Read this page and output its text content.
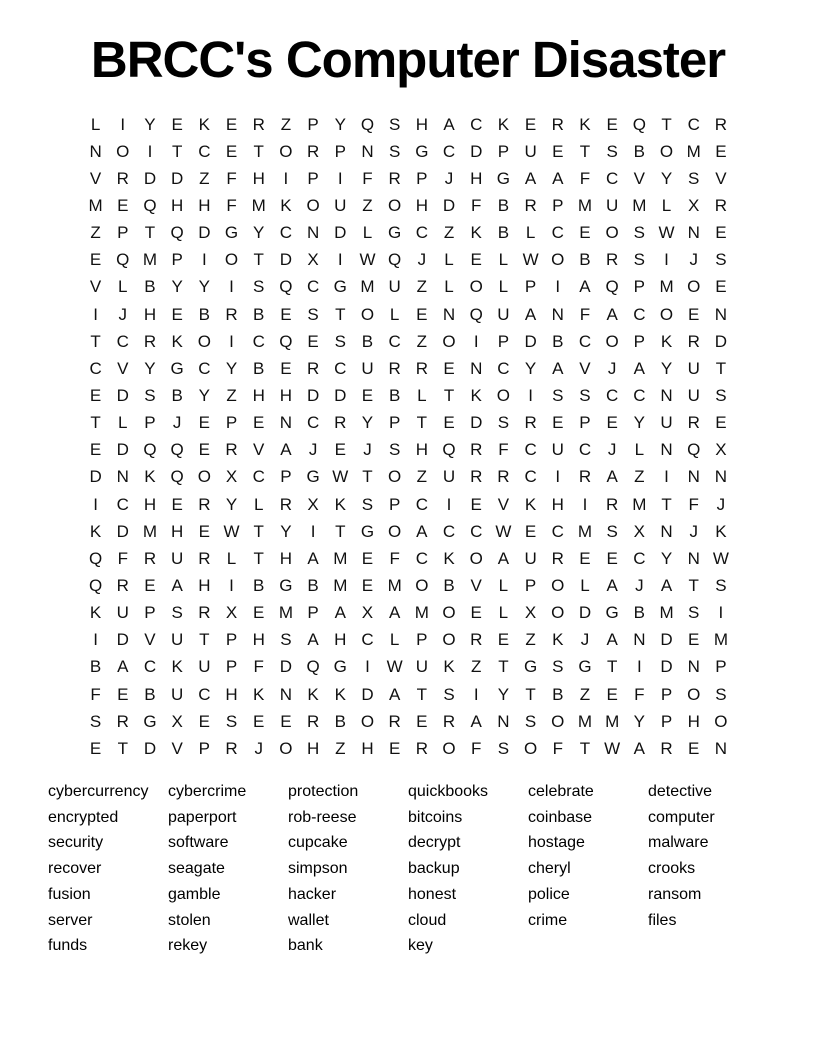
BRCC's Computer Disaster
L	I	Y E K E R Z P Y Q S H A C K E R K E Q T C R
N O	I	T C E T O R P N S G C D P U E T S B O M E
V R D D Z F H	I	P	I	F R P	J H G A A F C V Y S V
M E Q H H F M K O U Z O H D F B R P M U M L X R
Z P T Q D G Y C N D L G C Z K B L C E O S W N E
E Q M P	I	O T D X	I W Q J	L E L W O B R S	I	J	S
V L B Y Y	I	S Q C G M U Z	L O L P	I	A Q P M O E
I	J H E B R B E S T O L E N Q U A N F A C O E N
T C R K O	I	C Q E S B C Z O	I	P D B C O P K R D
C V Y G C Y B E R C U R R E N C Y A V	J	A Y U T
E D S B Y Z H H D D E B L	T K O	I	S S C C N U S
T	L P	J	E P E N C R Y P T E D S R E P E Y U R E
E D Q Q E R V A	J	E	J	S H Q R F C U C J	L N Q X
D N K Q O X C P G W T O Z U R R C	I	R A Z	I	N N
I	C H E R Y L R X K S P C	I	E V K H	I	R M T F	J
K D M H E W T Y	I	T G O A C C W E C M S X N J	K
Q F R U R L	T H A M E F C K O A U R E E C Y N W
Q R E A H	I	B G B M E M O B V L P O L A	J	A T S
K U P S R X E M P A X A M O E L X O D G B M S	I
I	D V U T P H S A H C L P O R E Z K	J	A N D E M
B A C K U P F D Q G	I W U K Z T G S G T	I	D N P
F E B U C H K N K K D A T S	I	Y T B Z E F P O S
S R G X E S E E R B O R E R A N S O M M Y P H O
E T D V P R J O H Z H E R O F S O F T W A R E N
cybercurrency
encrypted
security
recover
fusion
server
funds
cybercrime
paperport
software
seagate
gamble
stolen
rekey
protection
rob-reese
cupcake
simpson
hacker
wallet
bank
quickbooks
bitcoins
decrypt
backup
honest
cloud
key
celebrate
coinbase
hostage
cheryl
police
crime
detective
computer
malware
crooks
ransom
files
